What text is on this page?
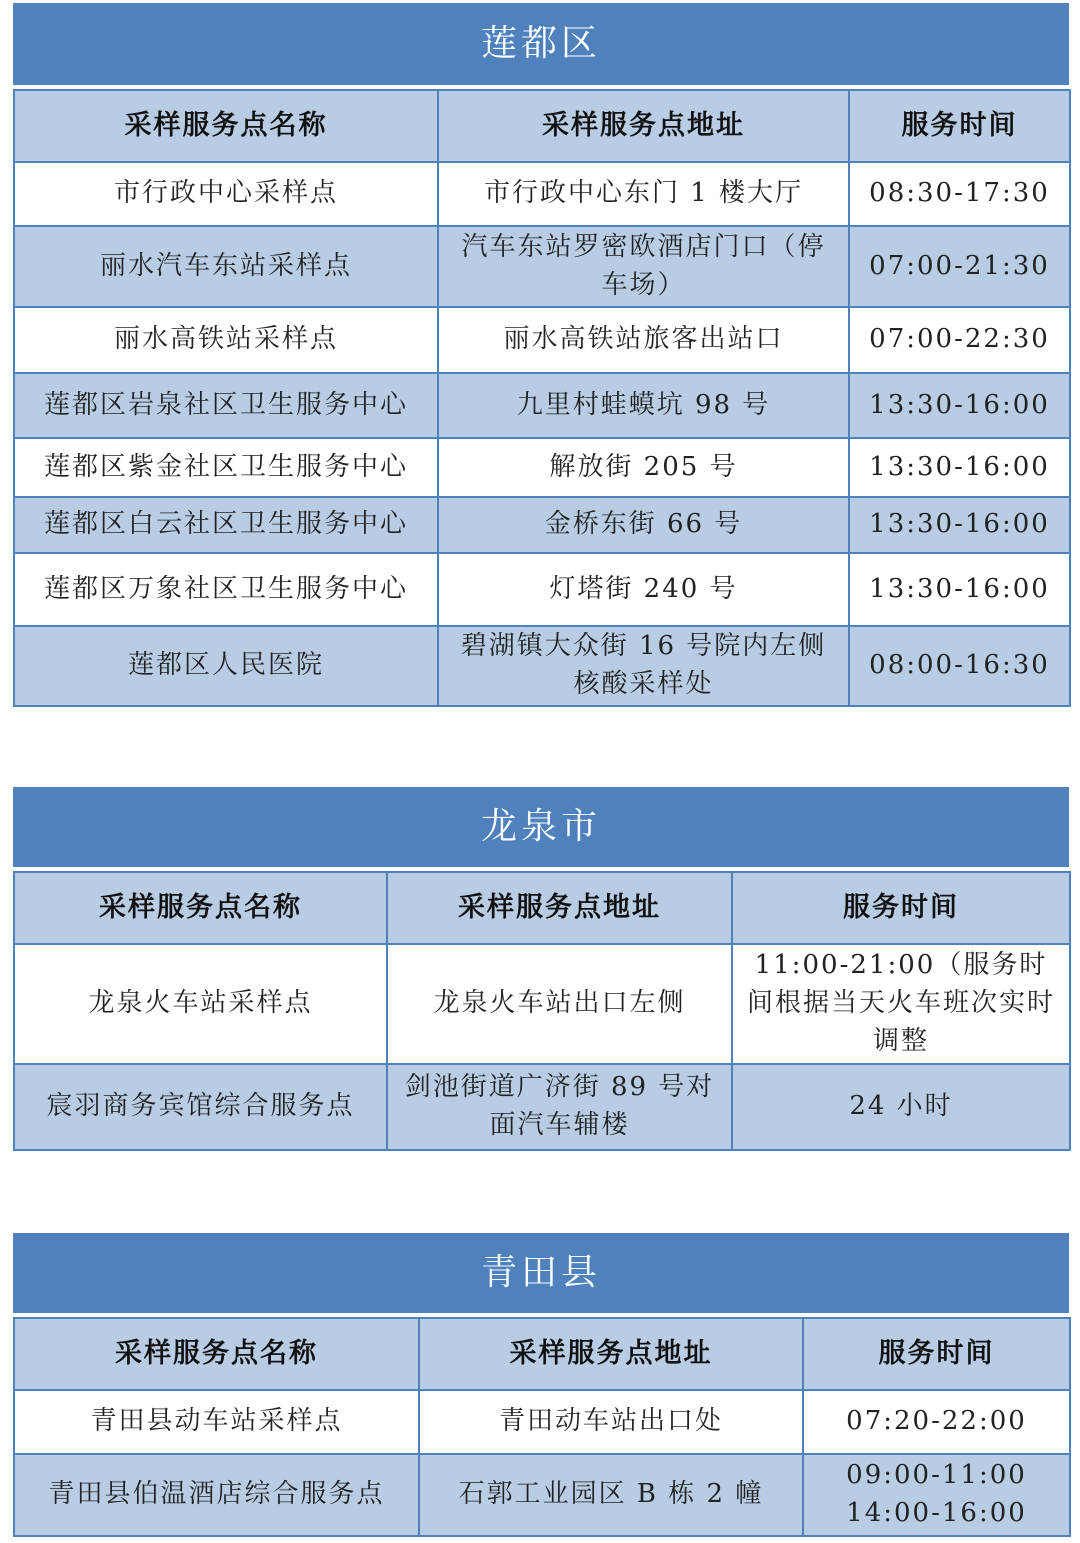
莲都区
采样服务点名称	采样服务点地址	服务时间
市行政中心采样点	市行政中心东门 1 楼大厅	08:30-17:30
丽水汽车东站采样点	汽车东站罗密欧酒店门口（停车场）	07:00-21:30
丽水高铁站采样点	丽水高铁站旅客出站口	07:00-22:30
莲都区岩泉社区卫生服务中心	九里村蛙蟆坑 98 号	13:30-16:00
莲都区紫金社区卫生服务中心	解放街 205 号	13:30-16:00
莲都区白云社区卫生服务中心	金桥东街 66 号	13:30-16:00
莲都区万象社区卫生服务中心	灯塔街 240 号	13:30-16:00
莲都区人民医院	碧湖镇大众街 16 号院内左侧核酸采样处	08:00-16:30
龙泉市
采样服务点名称	采样服务点地址	服务时间
龙泉火车站采样点	龙泉火车站出口左侧	11:00-21:00（服务时间根据当天火车班次实时调整
宸羽商务宾馆综合服务点	剑池街道广济街 89 号对面汽车辅楼	24 小时
青田县
采样服务点名称	采样服务点地址	服务时间
青田县动车站采样点	青田动车站出口处	07:20-22:00
青田县伯温酒店综合服务点	石郭工业园区 B 栋 2 幢	09:00-11:00 14:00-16:00
